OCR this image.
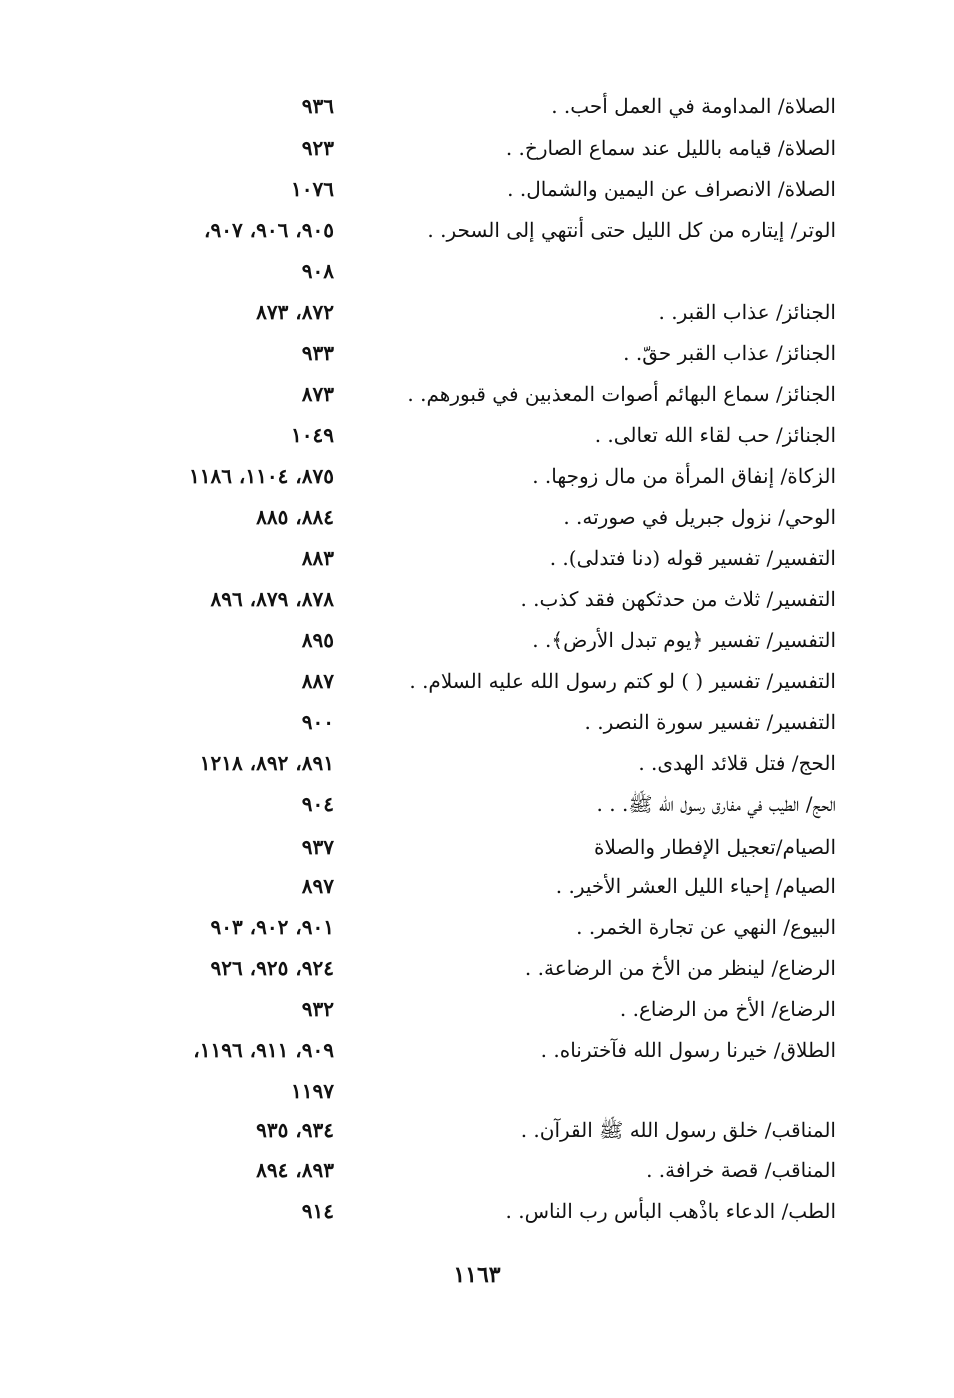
الصلاة/ المداومة في العمل أحب. .
٩٣٦
الصلاة/ قيامه بالليل عند سماع الصارخ. .
٩٢٣
الصلاة/ الانصراف عن اليمين والشمال. .
١٠٧٦
الوتر/ إيتاره من كل الليل حتى أنتهي إلى السحر. .
٩٠٥، ٩٠٦، ٩٠٧،
٩٠٨
الجنائز/ عذاب القبر. .
٨٧٢، ٨٧٣
الجنائز/ عذاب القبر حقّ. .
٩٣٣
الجنائز/ سماع البهائم أصوات المعذبين في قبورهم. .
٨٧٣
الجنائز/ حب لقاء الله تعالى. .
١٠٤٩
الزكاة/ إنفاق المرأة من مال زوجها. .
٨٧٥، ١١٠٤، ١١٨٦
الوحي/ نزول جبريل في صورته. .
٨٨٤، ٨٨٥
التفسير/ تفسير قوله (دنا فتدلى). .
٨٨٣
التفسير/ ثلاث من حدثكهن فقد كذب. .
٨٧٨، ٨٧٩، ٨٩٦
التفسير/ تفسير ﴿يوم تبدل الأرض﴾. .
٨٩٥
التفسير/ تفسير ( ) لو كتم رسول الله عليه السلام. .
٨٨٧
التفسير/ تفسير سورة النصر. .
٩٠٠
الحج/ فتل قلائد الهدى. .
٨٩١، ٨٩٢، ١٢١٨
الحج/ الطيب في مفارق رسول الله ﷺ. . .
٩٠٤
الصيام/تعجيل الإفطار والصلاة
٩٣٧
الصيام/ إحياء الليل العشر الأخير. .
٨٩٧
البيوع/ النهي عن تجارة الخمر. .
٩٠١، ٩٠٢، ٩٠٣
الرضاع/ لينظر من الأخ من الرضاعة. .
٩٢٤، ٩٢٥، ٩٢٦
الرضاع/ الأخ من الرضاع. .
٩٣٢
الطلاق/ خيرنا رسول الله فآخترناه. .
٩٠٩، ٩١١، ١١٩٦،
١١٩٧
المناقب/ خلق رسول الله ﷺ القرآن. .
٩٣٤، ٩٣٥
المناقب/ قصة خرافة. .
٨٩٣، ٨٩٤
الطب/ الدعاء باذْهب البأس رب الناس. .
٩١٤
١١٦٣
